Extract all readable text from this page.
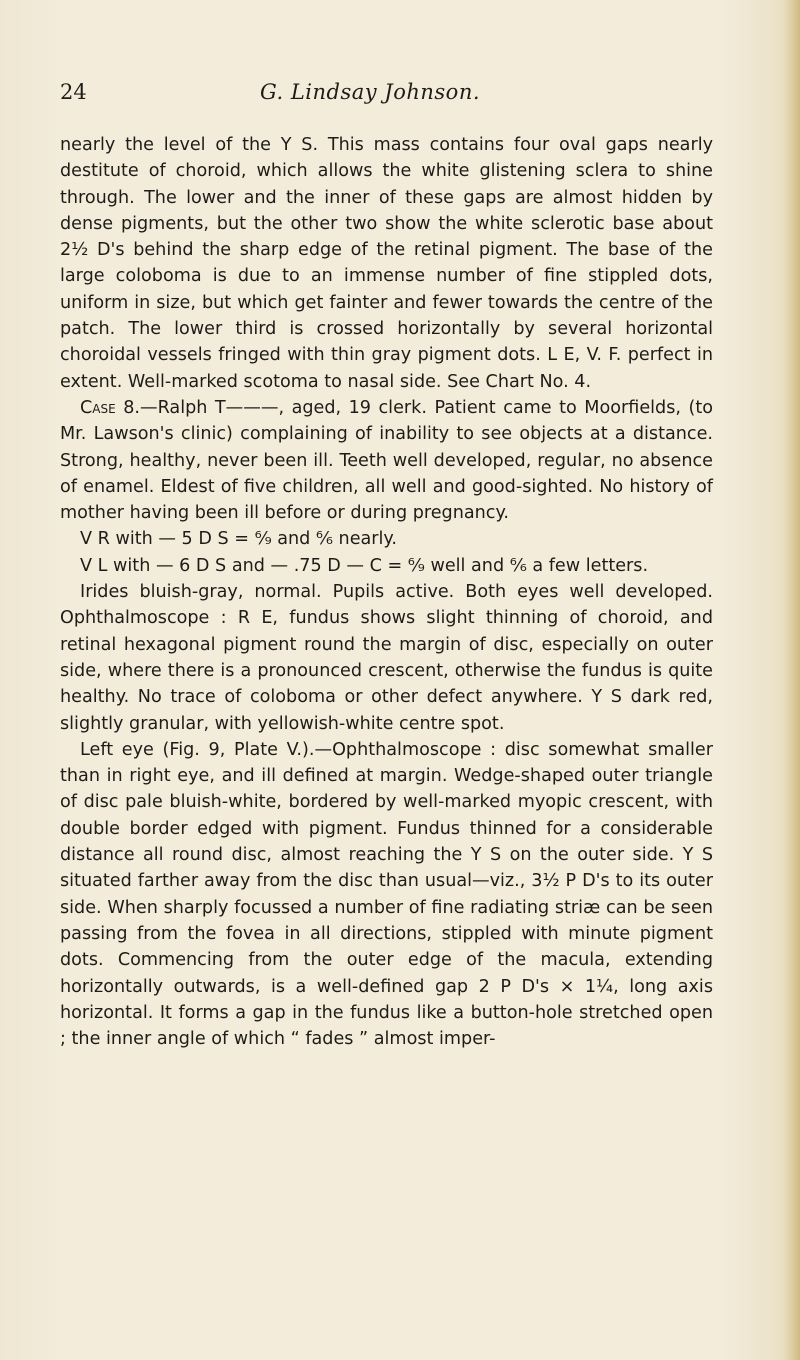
24	G. Lindsay Johnson.

nearly the level of the Y S. This mass contains four oval gaps nearly destitute of choroid, which allows the white glistening sclera to shine through. The lower and the inner of these gaps are almost hidden by dense pigments, but the other two show the white sclerotic base about 2½ D's behind the sharp edge of the retinal pigment. The base of the large coloboma is due to an immense number of fine stippled dots, uniform in size, but which get fainter and fewer towards the centre of the patch. The lower third is crossed horizontally by several horizontal choroidal vessels fringed with thin gray pigment dots. L E, V. F. perfect in extent. Well-marked scotoma to nasal side. See Chart No. 4.

Case 8.—Ralph T———, aged, 19 clerk. Patient came to Moorfields, (to Mr. Lawson's clinic) complaining of inability to see objects at a distance. Strong, healthy, never been ill. Teeth well developed, regular, no absence of enamel. Eldest of five children, all well and good-sighted. No history of mother having been ill before or during pregnancy.

V R with — 5 D S = ⁶⁄₉ and ⁶⁄₆ nearly.

V L with — 6 D S and — .75 D — C = ⁶⁄₉ well and ⁶⁄₆ a few letters.

Irides bluish-gray, normal. Pupils active. Both eyes well developed. Ophthalmoscope : R E, fundus shows slight thinning of choroid, and retinal hexagonal pigment round the margin of disc, especially on outer side, where there is a pronounced crescent, otherwise the fundus is quite healthy. No trace of coloboma or other defect anywhere. Y S dark red, slightly granular, with yellowish-white centre spot.

Left eye (Fig. 9, Plate V.).—Ophthalmoscope : disc somewhat smaller than in right eye, and ill defined at margin. Wedge-shaped outer triangle of disc pale bluish-white, bordered by well-marked myopic crescent, with double border edged with pigment. Fundus thinned for a considerable distance all round disc, almost reaching the Y S on the outer side. Y S situated farther away from the disc than usual—viz., 3½ P D's to its outer side. When sharply focussed a number of fine radiating striæ can be seen passing from the fovea in all directions, stippled with minute pigment dots. Commencing from the outer edge of the macula, extending horizontally outwards, is a well-defined gap 2 P D's × 1¼, long axis horizontal. It forms a gap in the fundus like a button-hole stretched open ; the inner angle of which “ fades ” almost imper-
